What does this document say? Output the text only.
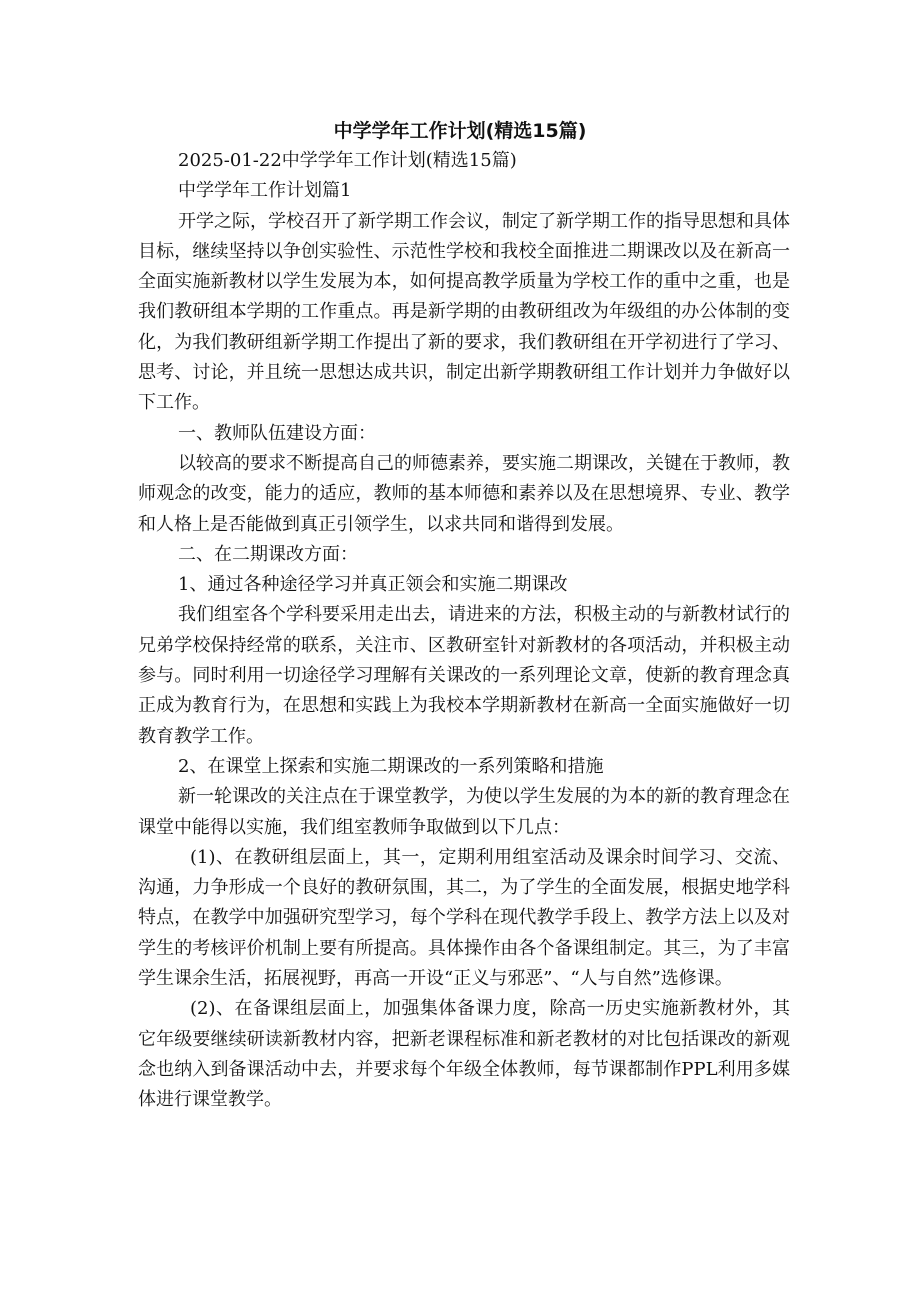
中学学年工作计划(精选15篇)

2025-01-22中学学年工作计划(精选15篇)

中学学年工作计划篇1

开学之际，学校召开了新学期工作会议，制定了新学期工作的指导思想和具体目标，继续坚持以争创实验性、示范性学校和我校全面推进二期课改以及在新高一全面实施新教材以学生发展为本，如何提高教学质量为学校工作的重中之重，也是我们教研组本学期的工作重点。再是新学期的由教研组改为年级组的办公体制的变化，为我们教研组新学期工作提出了新的要求，我们教研组在开学初进行了学习、思考、讨论，并且统一思想达成共识，制定出新学期教研组工作计划并力争做好以下工作。

一、教师队伍建设方面：

以较高的要求不断提高自己的师德素养，要实施二期课改，关键在于教师，教师观念的改变，能力的适应，教师的基本师德和素养以及在思想境界、专业、教学和人格上是否能做到真正引领学生，以求共同和谐得到发展。

二、在二期课改方面：

1、通过各种途径学习并真正领会和实施二期课改

我们组室各个学科要采用走出去，请进来的方法，积极主动的与新教材试行的兄弟学校保持经常的联系，关注市、区教研室针对新教材的各项活动，并积极主动参与。同时利用一切途径学习理解有关课改的一系列理论文章，使新的教育理念真正成为教育行为，在思想和实践上为我校本学期新教材在新高一全面实施做好一切教育教学工作。

2、在课堂上探索和实施二期课改的一系列策略和措施

新一轮课改的关注点在于课堂教学，为使以学生发展的为本的新的教育理念在课堂中能得以实施，我们组室教师争取做到以下几点：

(1)、在教研组层面上，其一，定期利用组室活动及课余时间学习、交流、沟通，力争形成一个良好的教研氛围，其二，为了学生的全面发展，根据史地学科特点，在教学中加强研究型学习，每个学科在现代教学手段上、教学方法上以及对学生的考核评价机制上要有所提高。具体操作由各个备课组制定。其三，为了丰富学生课余生活，拓展视野，再高一开设“正义与邪恶”、“人与自然”选修课。

(2)、在备课组层面上，加强集体备课力度，除高一历史实施新教材外，其它年级要继续研读新教材内容，把新老课程标准和新老教材的对比包括课改的新观念也纳入到备课活动中去，并要求每个年级全体教师，每节课都制作PPL利用多媒体进行课堂教学。
